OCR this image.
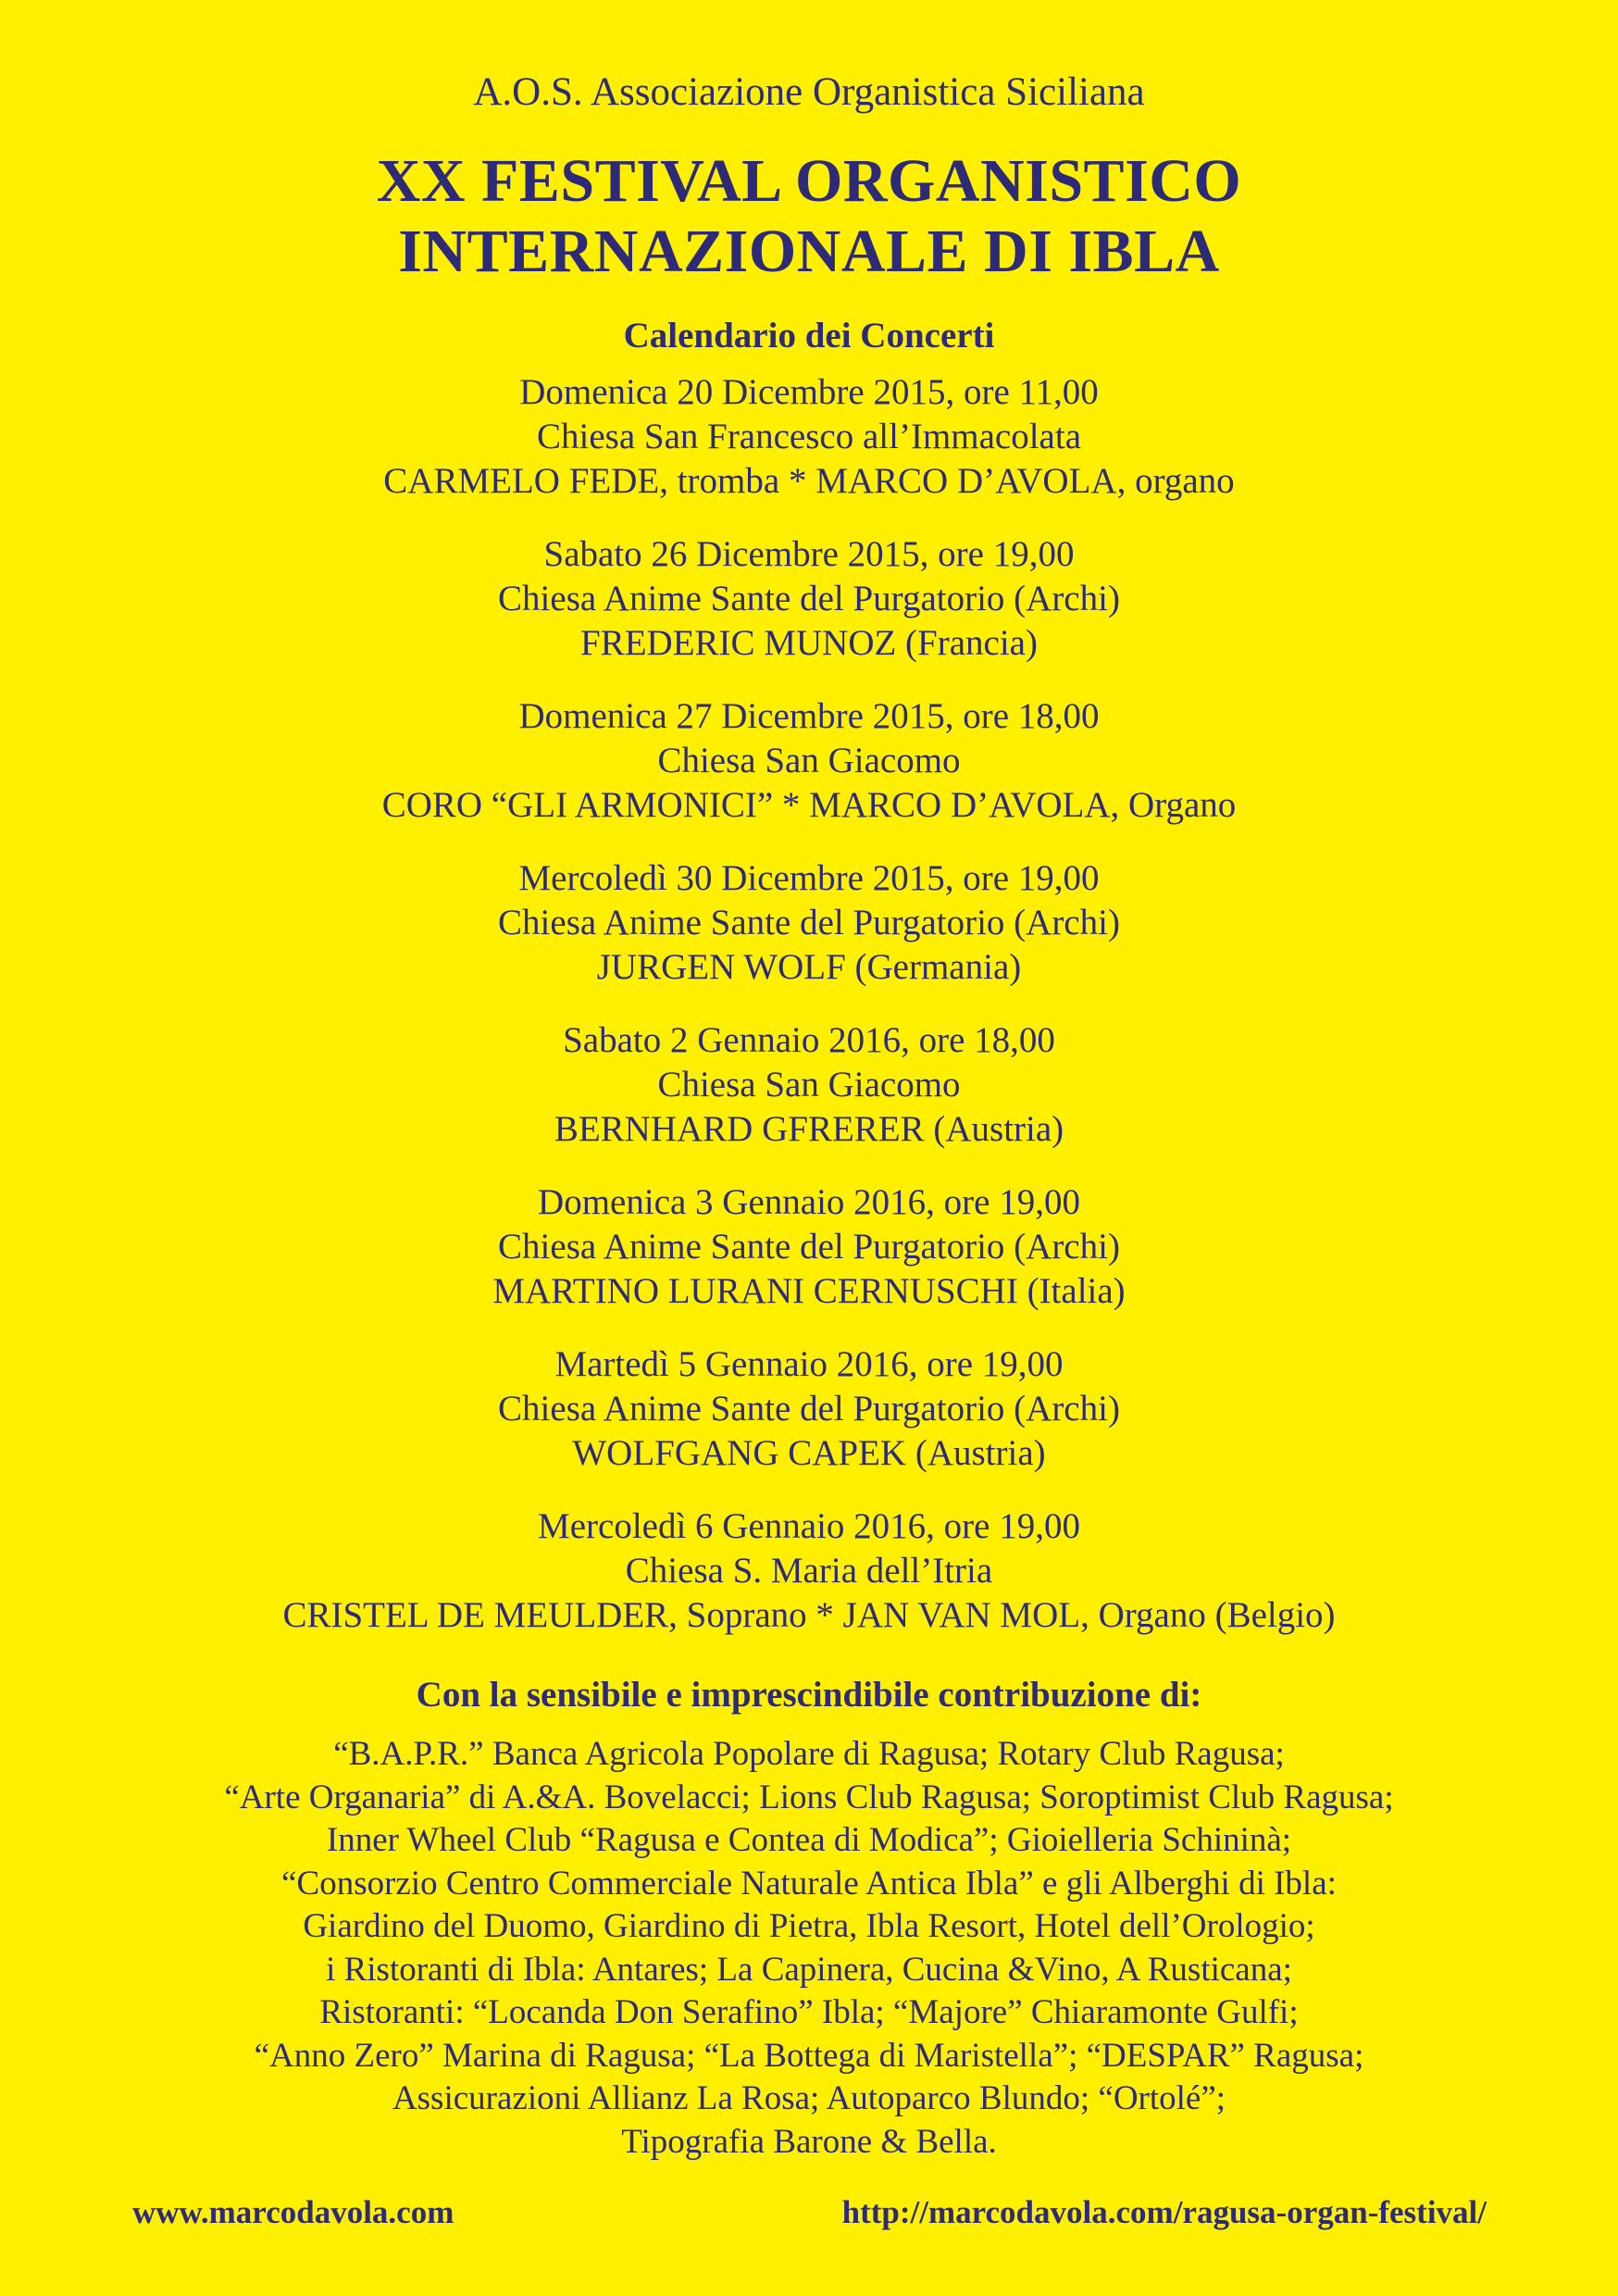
A.O.S. Associazione Organistica Siciliana
XX FESTIVAL ORGANISTICO
INTERNAZIONALE DI IBLA
Calendario dei Concerti
Domenica 20 Dicembre 2015, ore 11,00
Chiesa San Francesco all’Immacolata
CARMELO FEDE, tromba * MARCO D’AVOLA, organo
Sabato 26 Dicembre 2015, ore 19,00
Chiesa Anime Sante del Purgatorio (Archi)
FREDERIC MUNOZ (Francia)
Domenica 27 Dicembre 2015, ore 18,00
Chiesa San Giacomo
CORO “GLI ARMONICI” * MARCO D’AVOLA, Organo
Mercoledì 30 Dicembre 2015, ore 19,00
Chiesa Anime Sante del Purgatorio (Archi)
JURGEN WOLF (Germania)
Sabato 2 Gennaio 2016, ore 18,00
Chiesa San Giacomo
BERNHARD GFRERER (Austria)
Domenica 3 Gennaio 2016, ore 19,00
Chiesa Anime Sante del Purgatorio (Archi)
MARTINO LURANI CERNUSCHI (Italia)
Martedì 5 Gennaio 2016, ore 19,00
Chiesa Anime Sante del Purgatorio (Archi)
WOLFGANG CAPEK (Austria)
Mercoledì 6 Gennaio 2016, ore 19,00
Chiesa S. Maria dell’Itria
CRISTEL DE MEULDER, Soprano * JAN VAN MOL, Organo (Belgio)
Con la sensibile e imprescindibile contribuzione di:
“B.A.P.R.” Banca Agricola Popolare di Ragusa; Rotary Club Ragusa;
“Arte Organaria” di A.&A. Bovelacci; Lions Club Ragusa; Soroptimist Club Ragusa;
Inner Wheel Club “Ragusa e Contea di Modica”; Gioielleria Schininà;
“Consorzio Centro Commerciale Naturale Antica Ibla” e gli Alberghi di Ibla:
Giardino del Duomo, Giardino di Pietra, Ibla Resort, Hotel dell’Orologio;
i Ristoranti di Ibla: Antares; La Capinera, Cucina &Vino, A Rusticana;
Ristoranti: “Locanda Don Serafino” Ibla; “Majore” Chiaramonte Gulfi;
“Anno Zero” Marina di Ragusa; “La Bottega di Maristella”; “DESPAR” Ragusa;
Assicurazioni Allianz La Rosa; Autoparco Blundo; “Ortolé”;
Tipografia Barone & Bella.
www.marcodavola.com	http://marcodavola.com/ragusa-organ-festival/
